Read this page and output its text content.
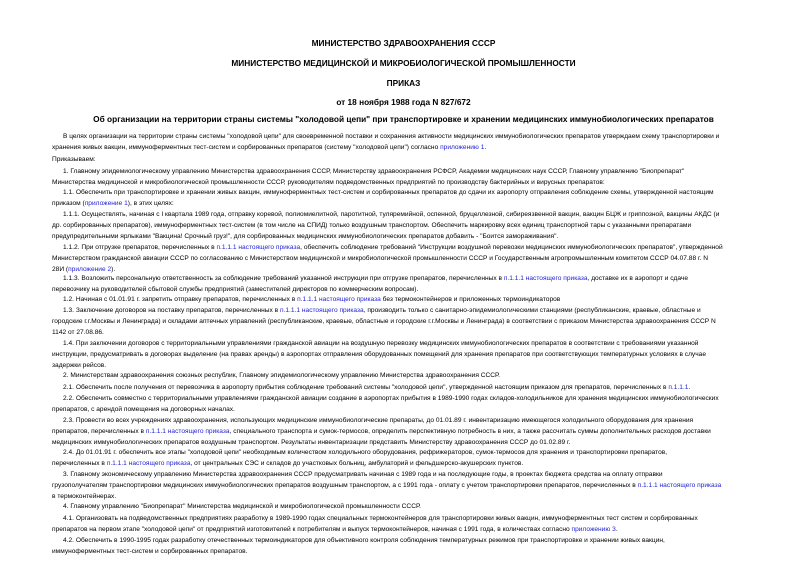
МИНИСТЕРСТВО ЗДРАВООХРАНЕНИЯ СССР
МИНИСТЕРСТВО МЕДИЦИНСКОЙ И МИКРОБИОЛОГИЧЕСКОЙ ПРОМЫШЛЕННОСТИ
ПРИКАЗ
от 18 ноября 1988 года N 827/672
Об организации на территории страны системы "холодовой цепи" при транспортировке и хранении медицинских иммунобиологических препаратов
В целях организации на территории страны системы "холодовой цепи" для своевременной поставки и сохранения активности медицинских иммунобиологических препаратов утверждаем схему транспортировки и
хранения живых вакцин, иммуноферментных тест-систем и сорбированных препаратов (систему "холодовой цепи") согласно приложению 1.
Приказываем:
1. Главному эпидемиологическому управлению Министерства здравоохранения СССР, Министерству здравоохранения РСФСР, Академии медицинских наук СССР, Главному управлению "Биопрепарат"
Министерства медицинской и микробиологической промышленности СССР, руководителям подведомственных предприятий по производству бактерийных и вирусных препаратов:
1.1. Обеспечить при транспортировке и хранении живых вакцин, иммуноферментных тест-систем и сорбированных препаратов до сдачи их аэропорту отправления соблюдение схемы, утвержденной настоящим
приказом (приложение 1), в этих целях:
1.1.1. Осуществлять, начиная с I квартала 1989 года, отправку коревой, полиомиелитной, паротитной, туляремийной, оспенной, бруцеллезной, сибиреязвенной вакцин, вакцин БЦЖ и гриппозной, вакцины АКДС (и
др. сорбированных препаратов), иммуноферментных тест-систем (в том числе на СПИД) только воздушным транспортом. Обеспечить маркировку всех единиц транспортной тары с указанными препаратами
предупредительными ярлыками "Вакцина! Срочный груз!", для сорбированных медицинских иммунобиологических препаратов добавить - "Боится замораживания".
1.1.2. При отгрузке препаратов, перечисленных в п.1.1.1 настоящего приказа, обеспечить соблюдение требований "Инструкции воздушной перевозки медицинских иммунобиологических препаратов", утвержденной
Министерством гражданской авиации СССР по согласованию с Министерством медицинской и микробиологической промышленности СССР и Государственным агропромышленным комитетом СССР 04.07.88 г. N
28И (приложение 2).
1.1.3. Возложить персональную ответственность за соблюдение требований указанной инструкции при отгрузке препаратов, перечисленных в п.1.1.1 настоящего приказа, доставке их в аэропорт и сдаче
перевозчику на руководителей сбытовой службы предприятий (заместителей директоров по коммерческим вопросам).
1.2. Начиная с 01.01.91 г. запретить отправку препаратов, перечисленных в п.1.1.1 настоящего приказа без термоконтейнеров и приложенных термоиндикаторов
1.3. Заключение договоров на поставку препаратов, перечисленных в п.1.1.1 настоящего приказа, производить только с санитарно-эпидемиологическими станциями (республиканские, краевые, областные и
городские г.г.Москвы и Ленинграда) и складами аптечных управлений (республиканские, краевые, областные и городские г.г.Москвы и Ленинграда) в соответствии с приказом Министерства здравоохранения СССР N
1142 от 27.08.86.
1.4. При заключении договоров с территориальными управлениями гражданской авиации на воздушную перевозку медицинских иммунобиологических препаратов в соответствии с требованиями указанной
инструкции, предусматривать в договорах выделение (на правах аренды) в аэропортах отправления оборудованных помещений для хранения препаратов при соответствующих температурных условиях в случае
задержки рейсов.
2. Министерствам здравоохранения союзных республик, Главному эпидемиологическому управлению Министерства здравоохранения СССР.
2.1. Обеспечить после получения от перевозчика в аэропорту прибытия соблюдение требований системы "холодовой цепи", утвержденной настоящим приказом для препаратов, перечисленных в п.1.1.1.
2.2. Обеспечить совместно с территориальными управлениями гражданской авиации создание в аэропортах прибытия в 1989-1990 годах складов-холодильников для хранения медицинских иммунобиологических
препаратов, с арендой помещения на договорных началах.
2.3. Провести во всех учреждениях здравоохранения, использующих медицинские иммунобиологические препараты, до 01.01.89 г. инвентаризацию имеющегося холодильного оборудования для хранения
препаратов, перечисленных в п.1.1.1 настоящего приказа, специального транспорта и сумок-термосов, определить перспективную потребность в них, а также рассчитать суммы дополнительных расходов доставки
медицинских иммунобиологических препаратов воздушным транспортом. Результаты инвентаризации представить Министерству здравоохранения СССР до 01.02.89 г.
2.4. До 01.01.91 г. обеспечить все этапы "холодовой цепи" необходимым количеством холодильного оборудования, рефрижераторов, сумок-термосов для хранения и транспортировки препаратов,
перечисленных в п.1.1.1 настоящего приказа, от центральных СЭС и складов до участковых больниц, амбулаторий и фельдшерско-акушерских пунктов.
3. Главному экономическому управлению Министерства здравоохранения СССР предусматривать начиная с 1989 года и на последующие годы, в проектах бюджета средства на оплату отправки
грузополучателям транспортировки медицинских иммунобиологических препаратов воздушным транспортом, а с 1991 года - оплату с учетом транспортировки препаратов, перечисленных в п.1.1.1 настоящего приказа
в термоконтейнерах.
4. Главному управлению "Биопрепарат" Министерства медицинской и микробиологической промышленности СССР.
4.1. Организовать на подведомственных предприятиях разработку в 1989-1990 годах специальных термоконтейнеров для транспортировки живых вакцин, иммуноферментных тест систем и сорбированных
препаратов на первом этапе "холодовой цепи" от предприятий изготовителей к потребителям и выпуск термоконтейнеров, начиная с 1991 года, в количествах согласно приложению 3.
4.2. Обеспечить в 1990-1995 годах разработку отечественных термоиндикаторов для объективного контроля соблюдения температурных режимов при транспортировке и хранении живых вакцин,
иммуноферментных тест-систем и сорбированных препаратов.
